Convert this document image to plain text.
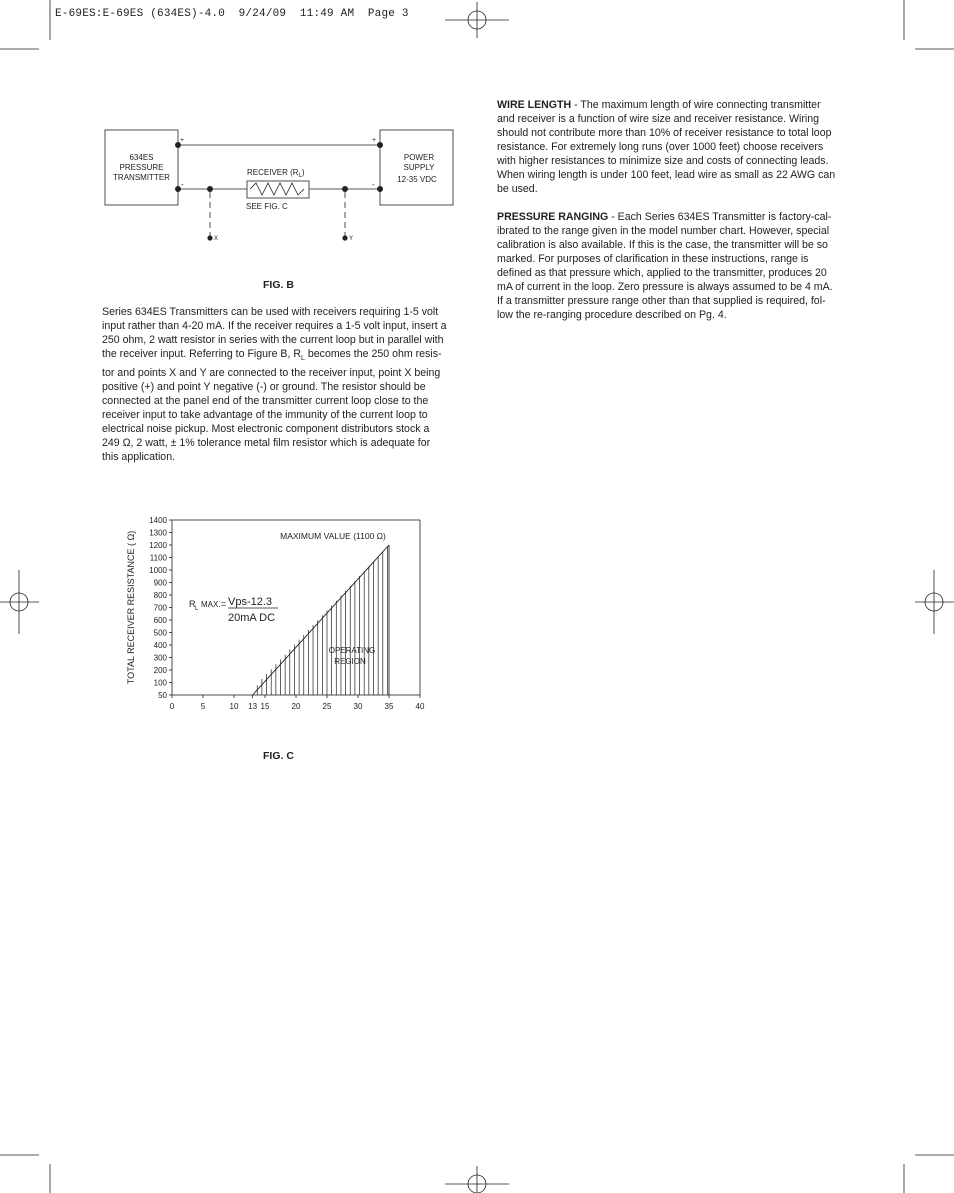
E-69ES:E-69ES (634ES)-4.0  9/24/09  11:49 AM  Page 3
634ES
PRESSURE
TRANSMITTER
POWER
SUPPLY
12-35 VDC
RECEIVER $(R_L)$
SEE FIG. C
+	+
-	-
X	Y
FIG. B
Series 634ES Transmitters can be used with receivers requiring 1-5 volt
input rather than 4-20 mA. If the receiver requires a 1-5 volt input, insert a
250 ohm, 2 watt resistor in series with the current loop but in parallel with
the receiver input. Referring to Figure B, $R_L$ becomes the 250 ohm resis-
tor and points X and Y are connected to the receiver input, point X being
positive (+) and point Y negative (-) or ground. The resistor should be
connected at the panel end of the transmitter current loop close to the
receiver input to take advantage of the immunity of the current loop to
electrical noise pickup. Most electronic component distributors stock a
249 Ω, 2 watt, ± 1% tolerance metal film resistor which is adequate for
this application.
WIRE LENGTH - The maximum length of wire connecting transmitter
and receiver is a function of wire size and receiver resistance. Wiring
should not contribute more than 10% of receiver resistance to total loop
resistance. For extremely long runs (over 1000 feet) choose receivers
with higher resistances to minimize size and costs of connecting leads.
When wiring length is under 100 feet, lead wire as small as 22 AWG can
be used.
PRESSURE RANGING - Each Series 634ES Transmitter is factory-cal-
ibrated to the range given in the model number chart. However, special
calibration is also available. If this is the case, the transmitter will be so
marked. For purposes of clarification in these instructions, range is
defined as that pressure which, applied to the transmitter, produces 20
mA of current in the loop. Zero pressure is always assumed to be 4 mA.
If a transmitter pressure range other than that supplied is required, fol-
low the re-ranging procedure described on Pg. 4.
50
100
200
300
400
500
600
700
800
900
1000
1100
1200
1300
1400
0	5	10 13 15	20	25	30	35	40
TOTAL RECEIVER RESISTANCE ( Ω)	MAXIMUM VALUE (1100 Ω)
OPERATING
REGION
R L MAX. = Vps-12.3
20mA DC
FIG. C
